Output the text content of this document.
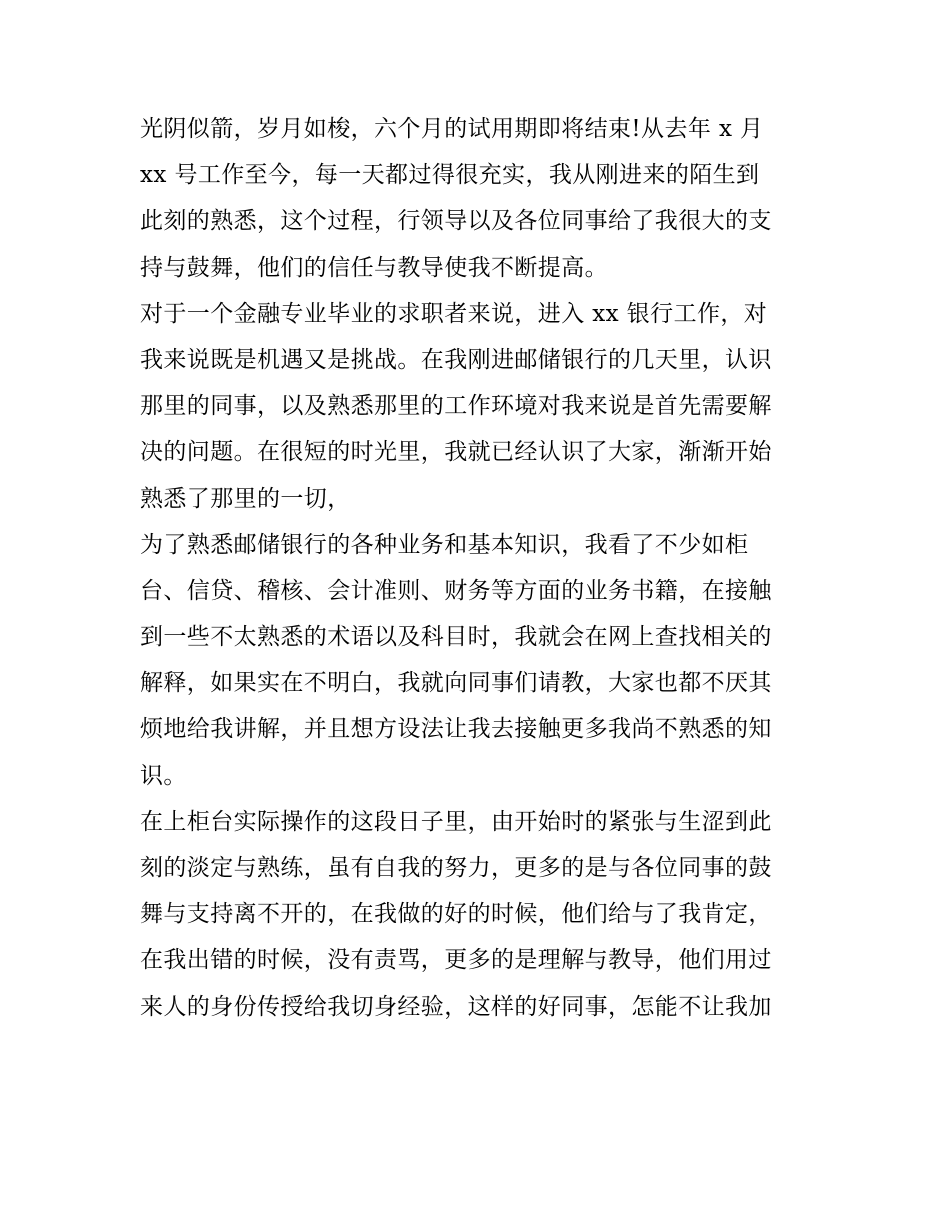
光阴似箭，岁月如梭，六个月的试用期即将结束!从去年 x 月
xx 号工作至今，每一天都过得很充实，我从刚进来的陌生到
此刻的熟悉，这个过程，行领导以及各位同事给了我很大的支
持与鼓舞，他们的信任与教导使我不断提高。
对于一个金融专业毕业的求职者来说，进入 xx 银行工作，对
我来说既是机遇又是挑战。在我刚进邮储银行的几天里，认识
那里的同事，以及熟悉那里的工作环境对我来说是首先需要解
决的问题。在很短的时光里，我就已经认识了大家，渐渐开始
熟悉了那里的一切，
为了熟悉邮储银行的各种业务和基本知识，我看了不少如柜
台、信贷、稽核、会计准则、财务等方面的业务书籍，在接触
到一些不太熟悉的术语以及科目时，我就会在网上查找相关的
解释，如果实在不明白，我就向同事们请教，大家也都不厌其
烦地给我讲解，并且想方设法让我去接触更多我尚不熟悉的知
识。
在上柜台实际操作的这段日子里，由开始时的紧张与生涩到此
刻的淡定与熟练，虽有自我的努力，更多的是与各位同事的鼓
舞与支持离不开的，在我做的好的时候，他们给与了我肯定，
在我出错的时候，没有责骂，更多的是理解与教导，他们用过
来人的身份传授给我切身经验，这样的好同事，怎能不让我加
